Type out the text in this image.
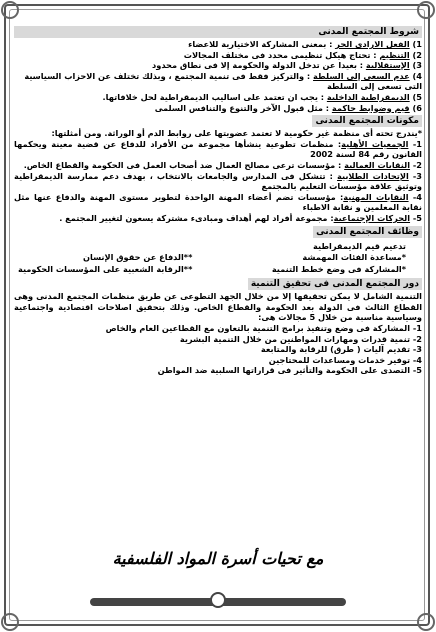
شروط المجتمع المدنى
1) الفعل الارادى الحر : بمعنى المشاركة الاختيارية للاعضاء
2) التنظيم : تحتاج هيكل تنظيمى محدد فى مختلف المجالات
3) الإستقلالية : بعيدا عن تدخل الدولة والحكومة إلا فى نطاق محدود
4) عدم السعى إلى السلطة : والتركيز فقط فى تنمية المجتمع ، وبذلك تختلف عن الاحزاب السياسية التى تسعى إلى السلطة
5) الديمقراطية الداخلية : يجب ان تعتمد على اساليب الديمقراطية لحل خلافاتها.
6) قيم وضوابط حاكمة : مثل قبول الآخر والتنوع والتنافس السلمى
مكونات المجتمع المدنى
*يندرج تحته أى منظمة غير حكومية لا تعتمد عضويتها على روابط الدم أو الوراثة. ومن أمثلتها:
1- الجمعيات الأهلية: منظمات تطوعية ينشأها مجموعة من الأفراد للدفاع عن قضية معينة ويحكمها القانون رقم 84 لسنة 2002
2- النقابات العمالية : مؤسسات ترعى مصالح العمال ضد أصحاب العمل فى الحكومة والقطاع الخاص.
3- الإتحادات الطلابية : تتشكل فى المدارس والجامعات بالانتخاب ، بهدف دعم ممارسة الديمقراطية وتوثيق علاقة مؤسسات التعليم بالمجتمع
4- النقابات المهنية: مؤسسات تضم أعضاء المهنة الواحدة لتطوير مستوى المهنة والدفاع عنها مثل نقابة المعلمين و نقابة الاطباء
5- الحركات الإجتماعية: مجموعة أفراد لهم أهداف ومبادىء مشتركة يسعون لتغيير المجتمع .
وظائف المجتمع المدنى
تدعيم قيم الديمقراطية
*مساعدة الفئات المهمشة
*المشاركة فى وضع خطط التنمية

**الدفاع عن حقوق الإنسان
**الرقابة الشعبية على المؤسسات الحكومية
دور المجتمع المدنى فى تحقيق التنمية
التنمية الشامل لا يمكن تحقيقها إلا من خلال الجهد التطوعى عن طريق منظمات المجتمع المدنى وهى القطاع الثالث فى الدولة بعد الحكومة والقطاع الخاص. وذلك بتحقيق اصلاحات اقتصادية واجتماعية وسياسية مناسبة من خلال 5 مجالات هى:
1- المشاركة فى وضع وتنفيذ برامج التنمية بالتعاون مع القطاعين العام والخاص
2- تنمية قدرات ومهارات المواطنين من خلال التنمية البشرية
3- تقديم آليات ( طرق) للرقابة والمتابعة
4- توفير خدمات ومساعدات للمحتاجين
5- التصدى على الحكومة والتأثير فى قراراتها السلبية ضد المواطن
مع تحيات أسرة المواد الفلسفية
